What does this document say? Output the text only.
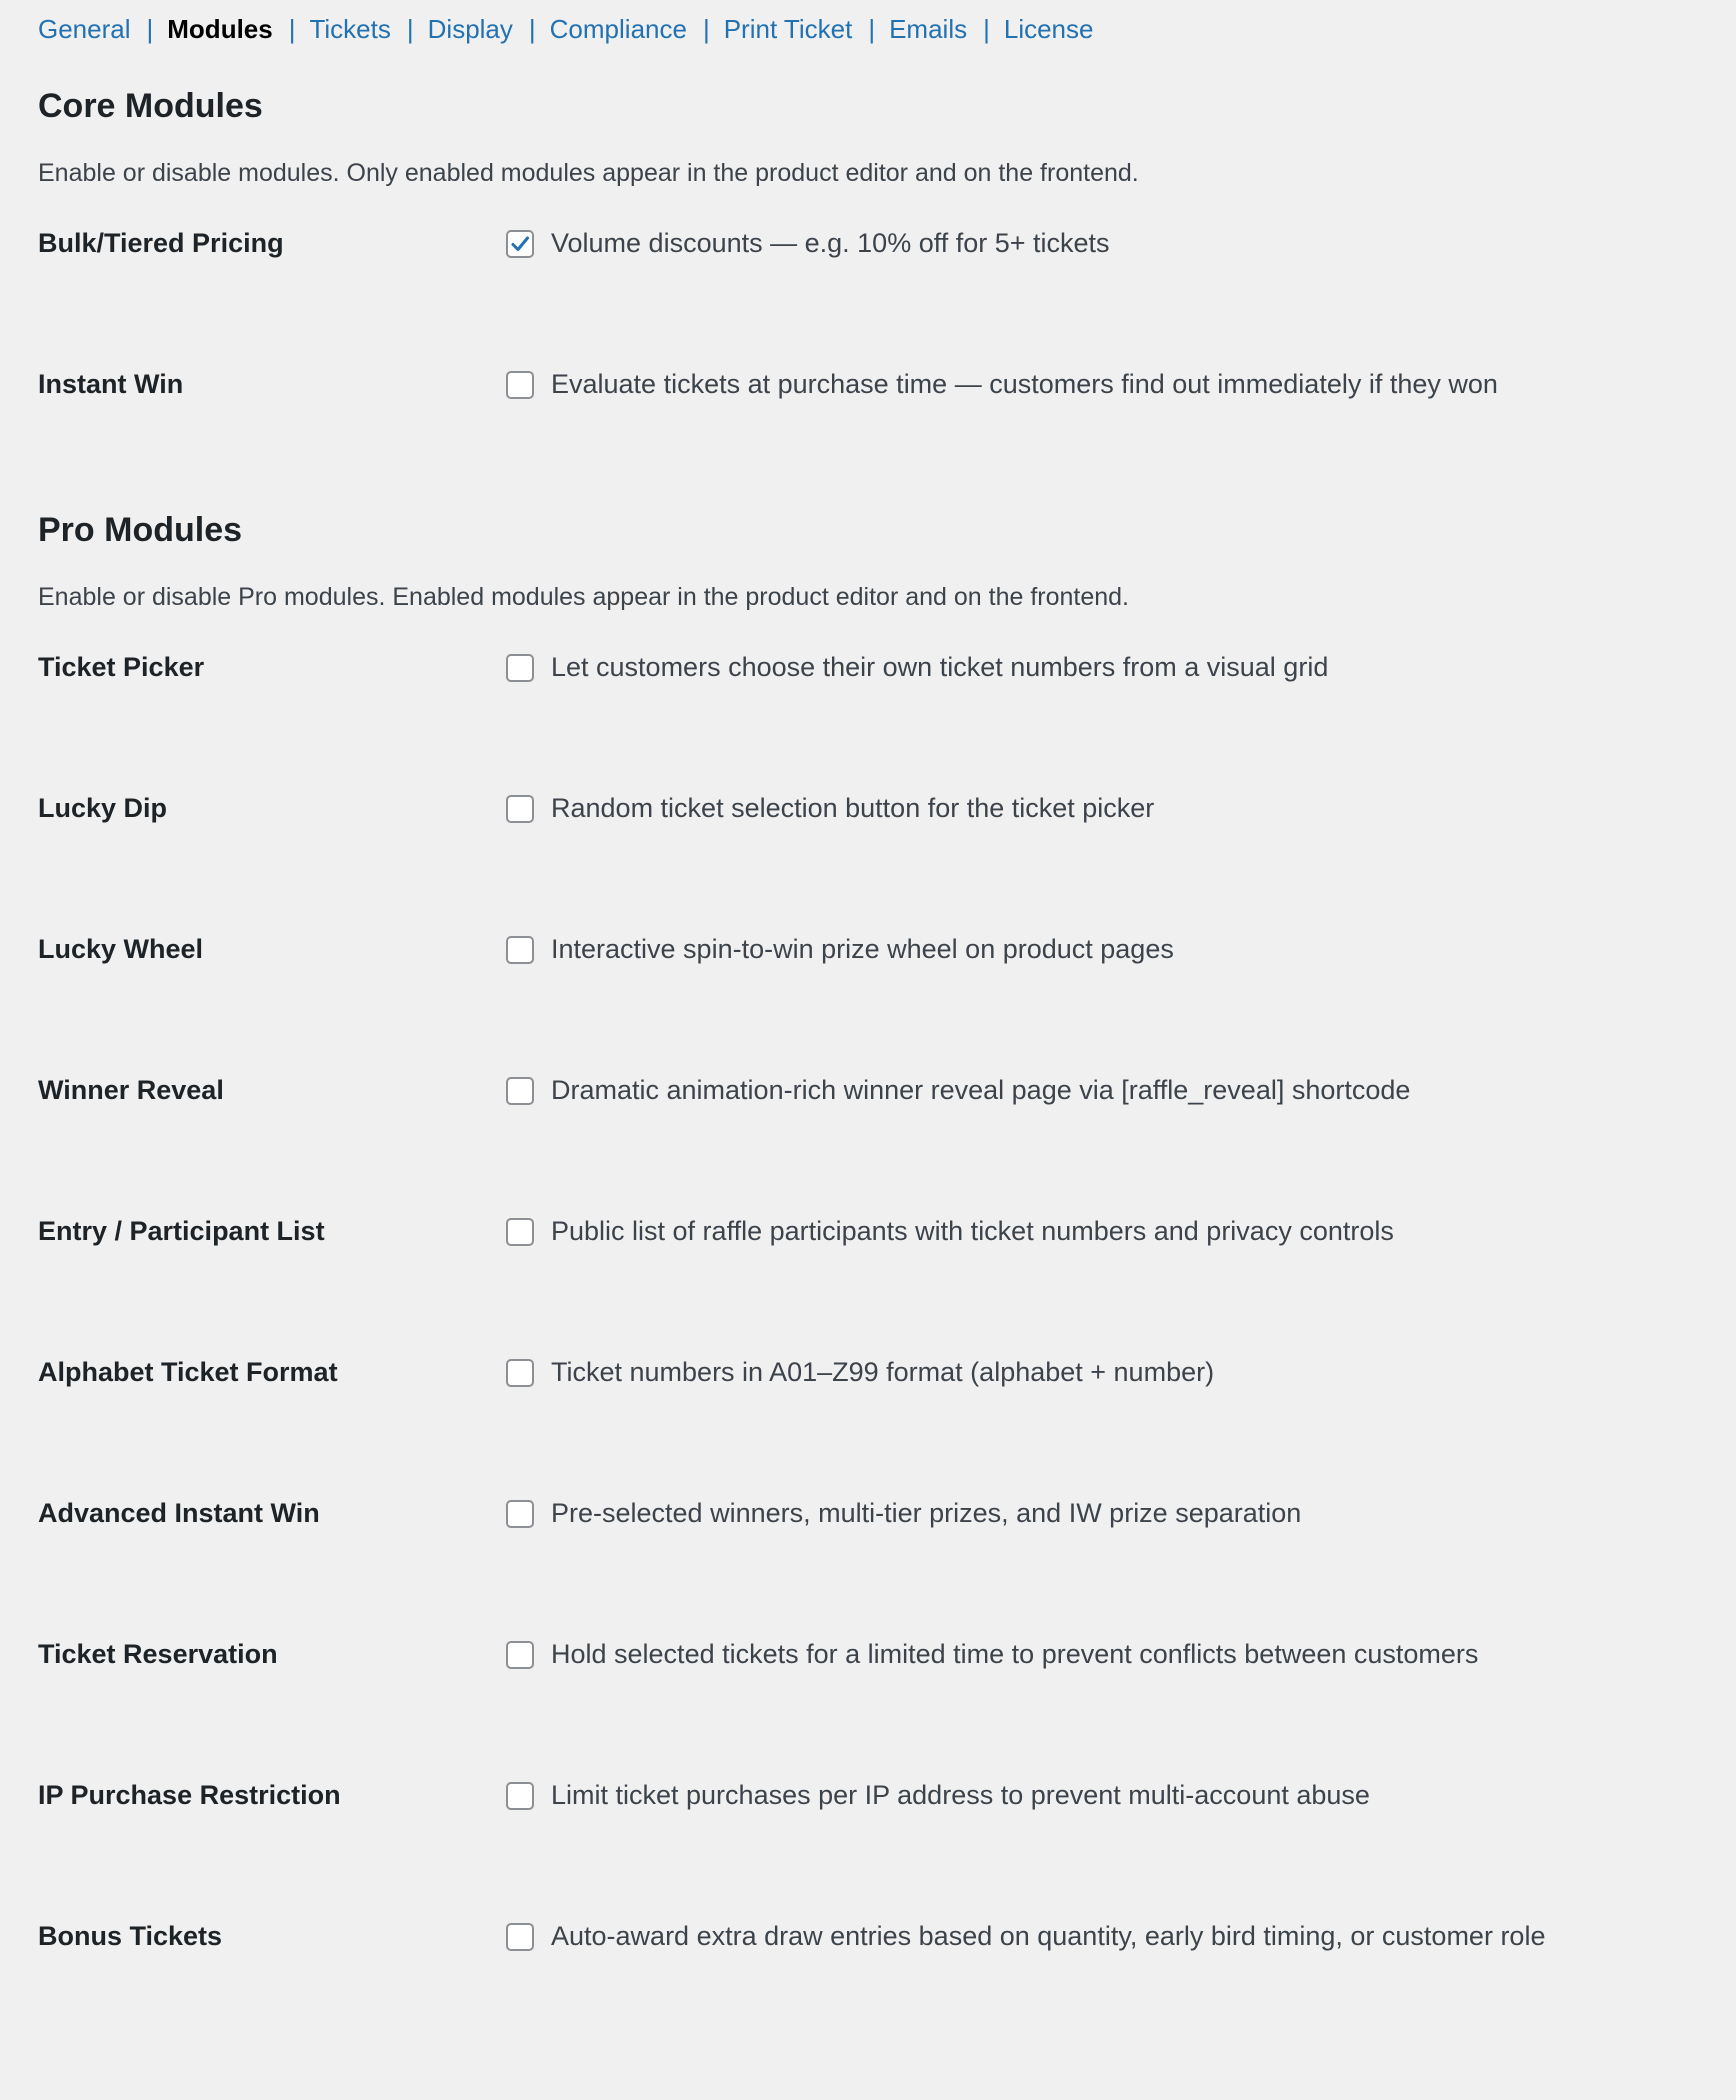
General | Modules | Tickets | Display | Compliance | Print Ticket | Emails | License
Core Modules

Enable or disable modules. Only enabled modules appear in the product editor and on the frontend.

Bulk/Tiered Pricing	Volume discounts — e.g. 10% off for 5+ tickets
Instant Win	Evaluate tickets at purchase time — customers find out immediately if they won
Pro Modules

Enable or disable Pro modules. Enabled modules appear in the product editor and on the frontend.

Ticket Picker	Let customers choose their own ticket numbers from a visual grid
Lucky Dip	Random ticket selection button for the ticket picker
Lucky Wheel	Interactive spin-to-win prize wheel on product pages
Winner Reveal	Dramatic animation-rich winner reveal page via [raffle_reveal] shortcode
Entry / Participant List	Public list of raffle participants with ticket numbers and privacy controls
Alphabet Ticket Format	Ticket numbers in A01–Z99 format (alphabet + number)
Advanced Instant Win	Pre-selected winners, multi-tier prizes, and IW prize separation
Ticket Reservation	Hold selected tickets for a limited time to prevent conflicts between customers
IP Purchase Restriction	Limit ticket purchases per IP address to prevent multi-account abuse
Bonus Tickets	Auto-award extra draw entries based on quantity, early bird timing, or customer role
